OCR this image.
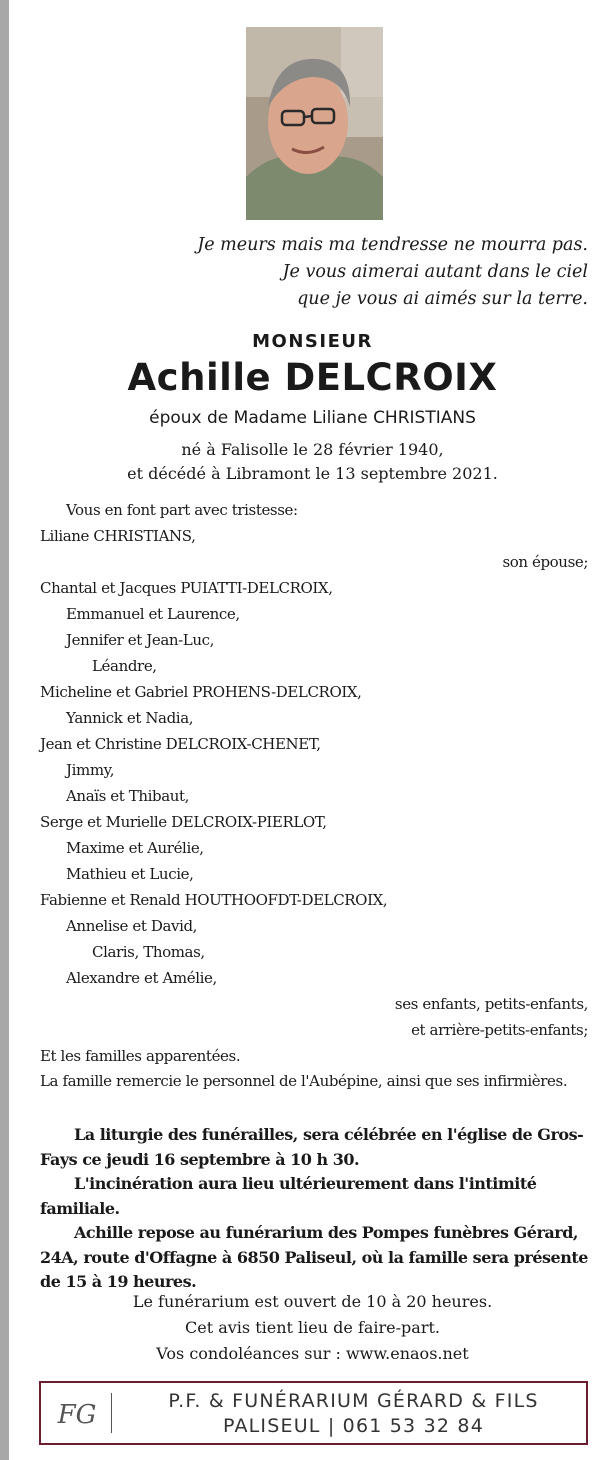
Je meurs mais ma tendresse ne mourra pas.
Je vous aimerai autant dans le ciel
que je vous ai aimés sur la terre.
MONSIEUR
Achille DELCROIX
époux de Madame Liliane CHRISTIANS
né à Falisolle le 28 février 1940,
et décédé à Libramont le 13 septembre 2021.
Vous en font part avec tristesse:
Liliane CHRISTIANS,
son épouse;
Chantal et Jacques PUIATTI-DELCROIX,
Emmanuel et Laurence,
Jennifer et Jean-Luc,
Léandre,
Micheline et Gabriel PROHENS-DELCROIX,
Yannick et Nadia,
Jean et Christine DELCROIX-CHENET,
Jimmy,
Anaïs et Thibaut,
Serge et Murielle DELCROIX-PIERLOT,
Maxime et Aurélie,
Mathieu et Lucie,
Fabienne et Renald HOUTHOOFDT-DELCROIX,
Annelise et David,
Claris, Thomas,
Alexandre et Amélie,
ses enfants, petits-enfants,
et arrière-petits-enfants;
Et les familles apparentées.
La famille remercie le personnel de l'Aubépine, ainsi que ses infirmières.

La liturgie des funérailles, sera célébrée en l'église de Gros-Fays ce jeudi 16 septembre à 10 h 30.

L'incinération aura lieu ultérieurement dans l'intimité familiale.

Achille repose au funérarium des Pompes funèbres Gérard, 24A, route d'Offagne à 6850 Paliseul, où la famille sera présente de 15 à 19 heures.

Le funérarium est ouvert de 10 à 20 heures.
Cet avis tient lieu de faire-part.
Vos condoléances sur : www.enaos.net
FG	P.F. & FUNÉRARIUM GÉRARD & FILS
PALISEUL | 061 53 32 84
